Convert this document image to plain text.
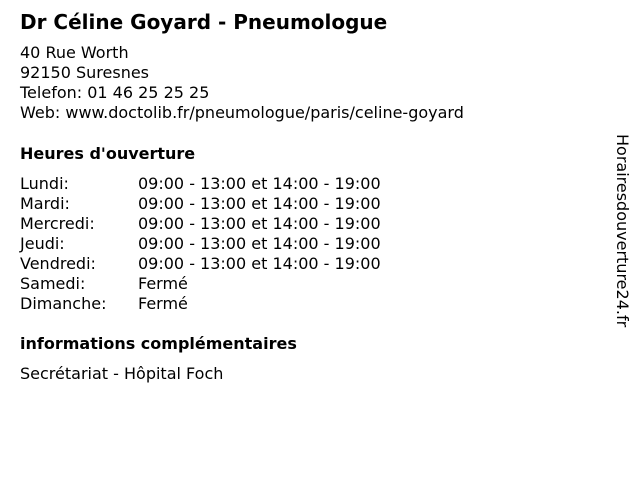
Dr Céline Goyard - Pneumologue
40 Rue Worth
92150 Suresnes
Telefon: 01 46 25 25 25
Web: www.doctolib.fr/pneumologue/paris/celine-goyard
Heures d'ouverture
Lundi:	09:00 - 13:00 et 14:00 - 19:00
Mardi:	09:00 - 13:00 et 14:00 - 19:00
Mercredi:	09:00 - 13:00 et 14:00 - 19:00
Jeudi:	09:00 - 13:00 et 14:00 - 19:00
Vendredi:	09:00 - 13:00 et 14:00 - 19:00
Samedi:	Fermé
Dimanche: Fermé
informations complémentaires
Secrétariat - Hôpital Foch
Horairesdouverture24.fr
